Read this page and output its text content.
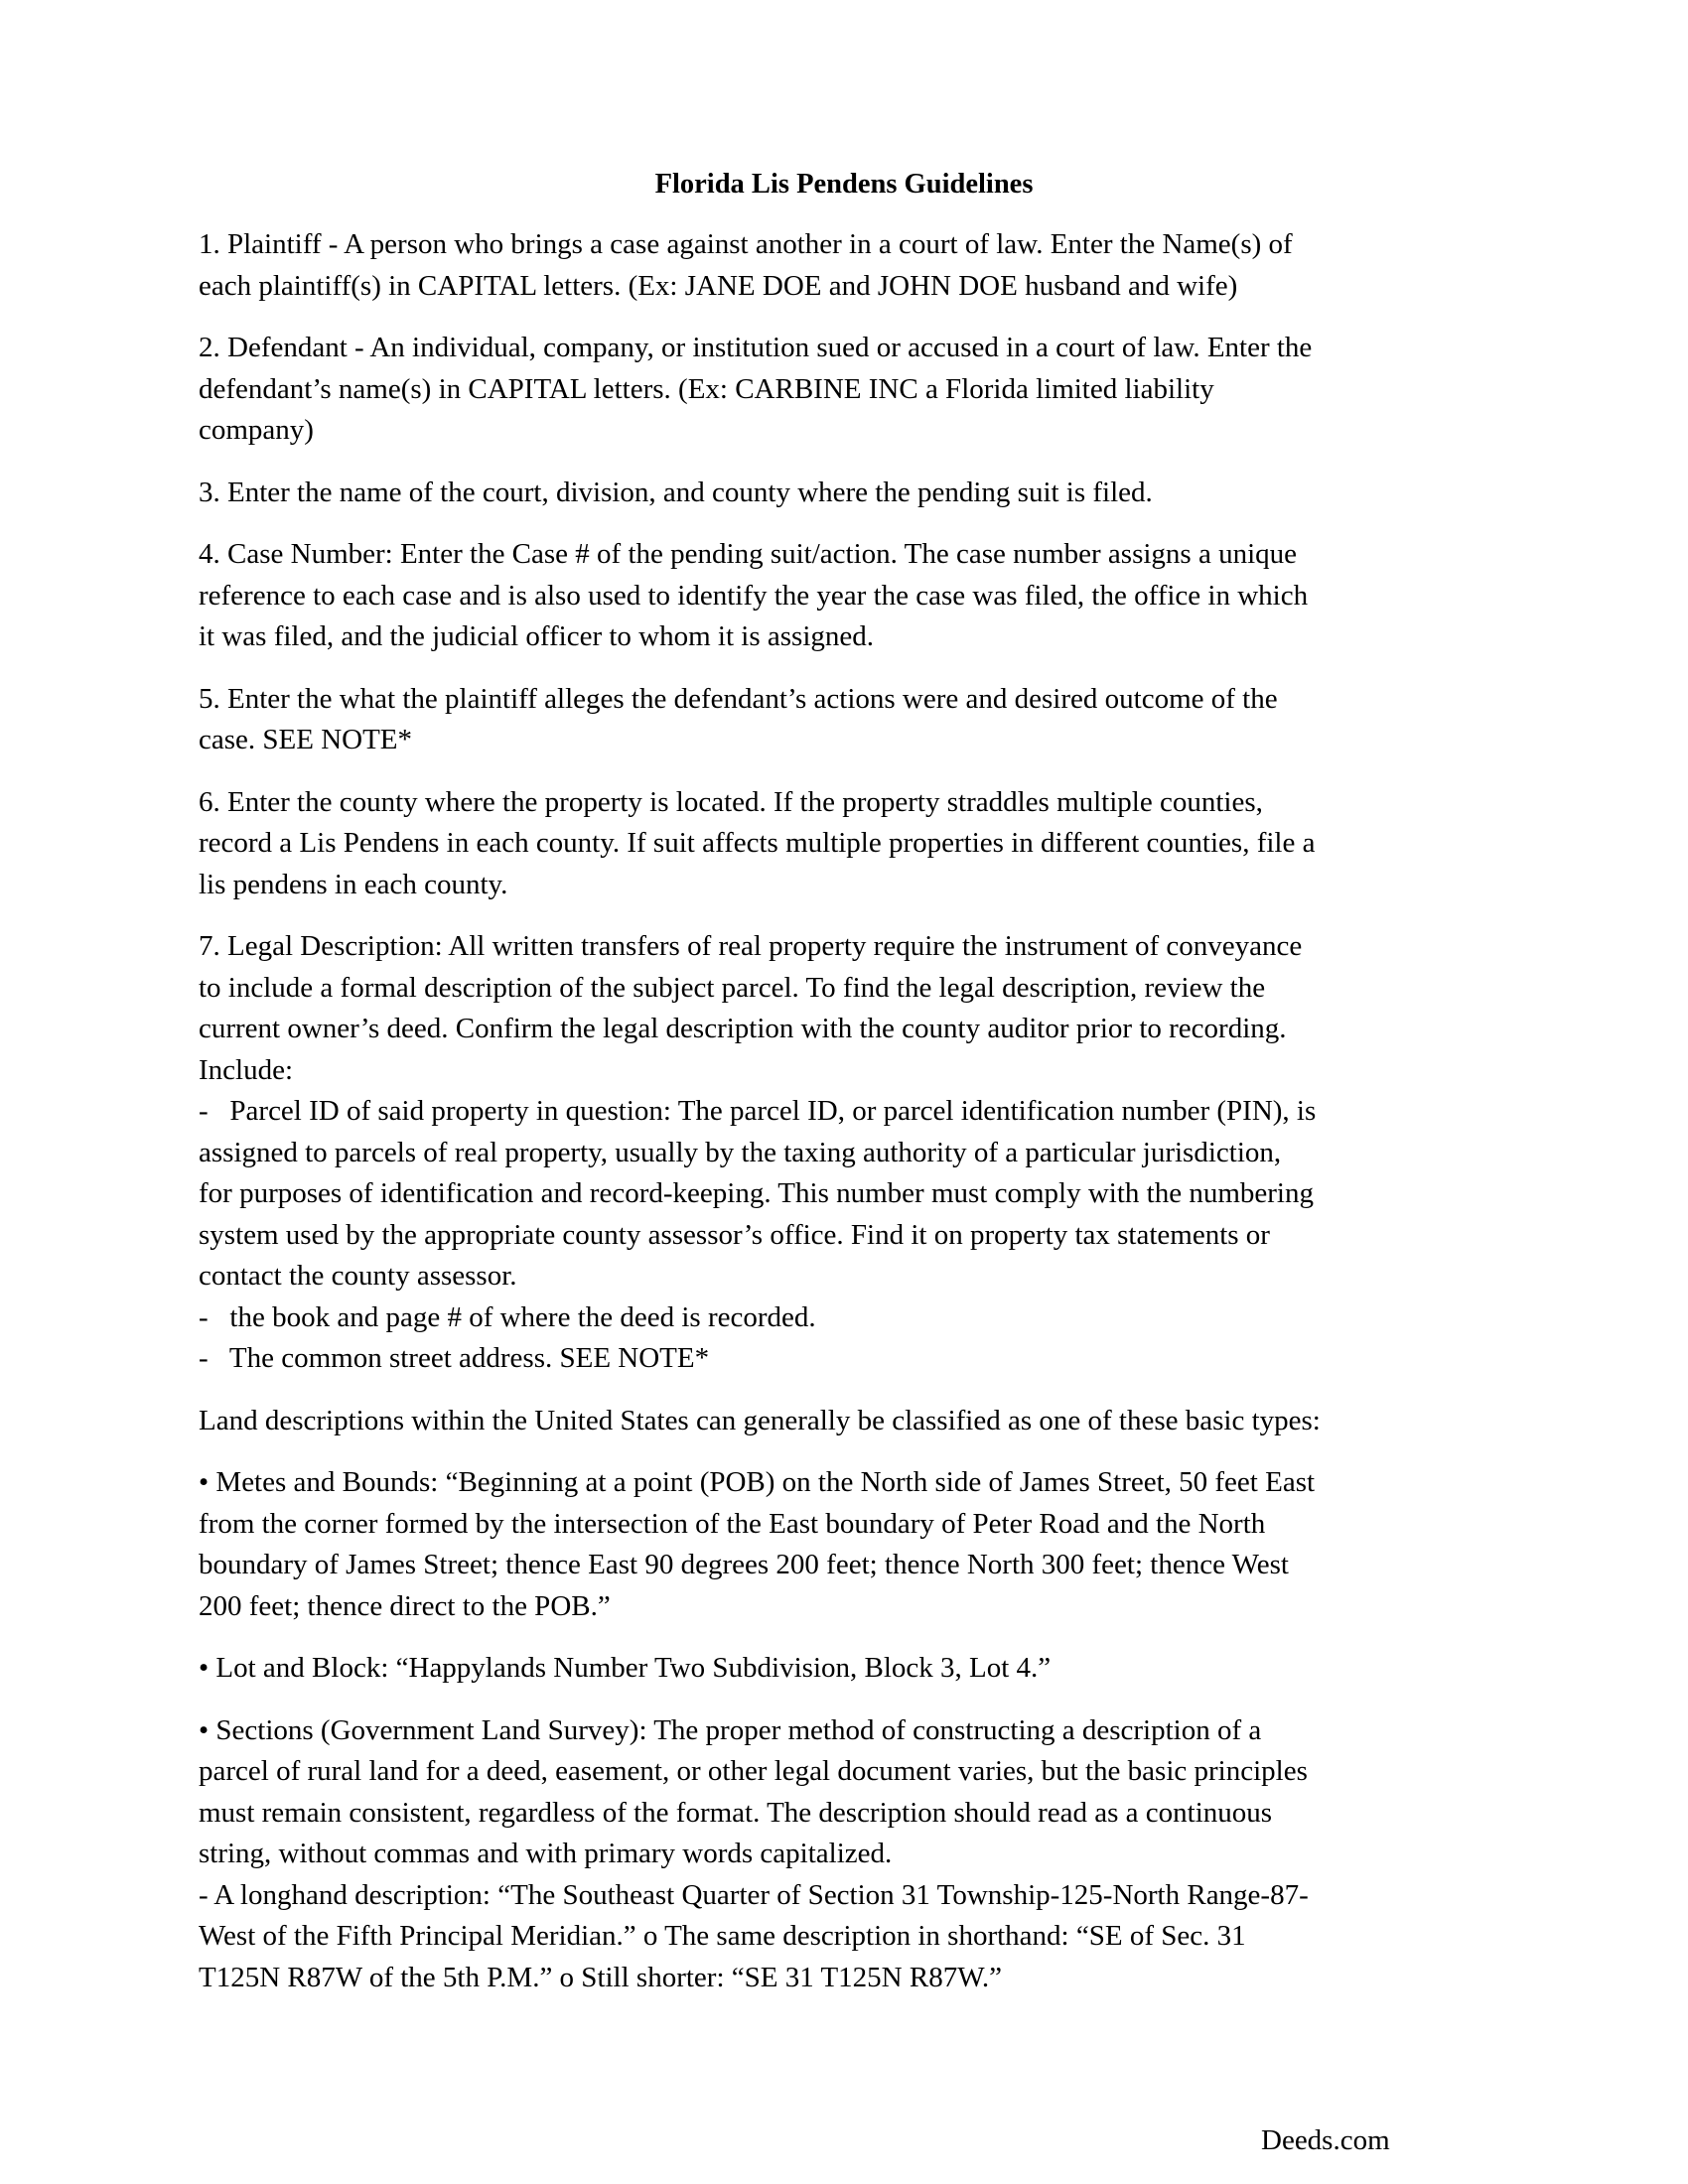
Florida Lis Pendens Guidelines
1. Plaintiff - A person who brings a case against another in a court of law. Enter the Name(s) of
each plaintiff(s) in CAPITAL letters. (Ex: JANE DOE and JOHN DOE husband and wife)
2. Defendant - An individual, company, or institution sued or accused in a court of law. Enter the
defendant’s name(s) in CAPITAL letters. (Ex: CARBINE INC a Florida limited liability
company)
3. Enter the name of the court, division, and county where the pending suit is filed.
4. Case Number: Enter the Case # of the pending suit/action. The case number assigns a unique
reference to each case and is also used to identify the year the case was filed, the office in which
it was filed, and the judicial officer to whom it is assigned.
5. Enter the what the plaintiff alleges the defendant’s actions were and desired outcome of the
case. SEE NOTE*
6. Enter the county where the property is located. If the property straddles multiple counties,
record a Lis Pendens in each county. If suit affects multiple properties in different counties, file a
lis pendens in each county.
7. Legal Description: All written transfers of real property require the instrument of conveyance
to include a formal description of the subject parcel. To find the legal description, review the
current owner’s deed. Confirm the legal description with the county auditor prior to recording.
Include:
-   Parcel ID of said property in question: The parcel ID, or parcel identification number (PIN), is
assigned to parcels of real property, usually by the taxing authority of a particular jurisdiction,
for purposes of identification and record-keeping. This number must comply with the numbering
system used by the appropriate county assessor’s office. Find it on property tax statements or
contact the county assessor.
-   the book and page # of where the deed is recorded.
-   The common street address. SEE NOTE*
Land descriptions within the United States can generally be classified as one of these basic types:
• Metes and Bounds: “Beginning at a point (POB) on the North side of James Street, 50 feet East
from the corner formed by the intersection of the East boundary of Peter Road and the North
boundary of James Street; thence East 90 degrees 200 feet; thence North 300 feet; thence West
200 feet; thence direct to the POB.”
• Lot and Block: “Happylands Number Two Subdivision, Block 3, Lot 4.”
• Sections (Government Land Survey): The proper method of constructing a description of a
parcel of rural land for a deed, easement, or other legal document varies, but the basic principles
must remain consistent, regardless of the format. The description should read as a continuous
string, without commas and with primary words capitalized.
- A longhand description: “The Southeast Quarter of Section 31 Township-125-North Range-87-
West of the Fifth Principal Meridian.” o The same description in shorthand: “SE of Sec. 31
T125N R87W of the 5th P.M.” o Still shorter: “SE 31 T125N R87W.”
Deeds.com
